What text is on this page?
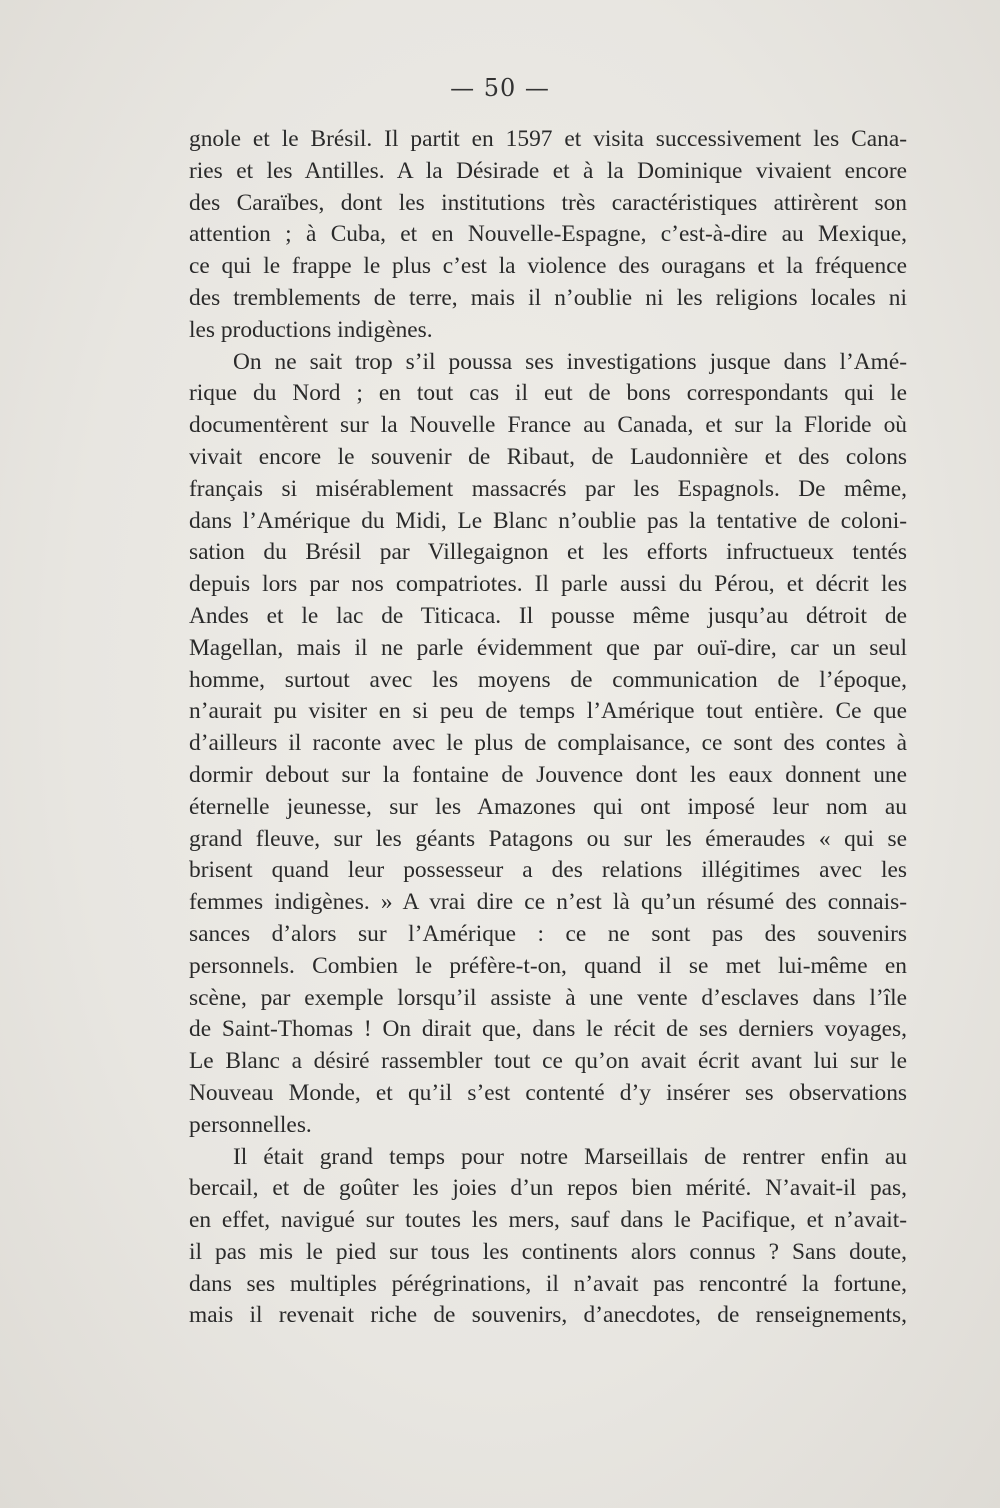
— 50 —
gnole et le Brésil. Il partit en 1597 et visita successivement les Cana-
ries et les Antilles. A la Désirade et à la Dominique vivaient encore
des Caraïbes, dont les institutions très caractéristiques attirèrent son
attention ; à Cuba, et en Nouvelle-Espagne, c’est-à-dire au Mexique,
ce qui le frappe le plus c’est la violence des ouragans et la fréquence
des tremblements de terre, mais il n’oublie ni les religions locales ni
les productions indigènes.
On ne sait trop s’il poussa ses investigations jusque dans l’Amé-
rique du Nord ; en tout cas il eut de bons correspondants qui le
documentèrent sur la Nouvelle France au Canada, et sur la Floride où
vivait encore le souvenir de Ribaut, de Laudonnière et des colons
français si misérablement massacrés par les Espagnols. De même,
dans l’Amérique du Midi, Le Blanc n’oublie pas la tentative de coloni-
sation du Brésil par Villegaignon et les efforts infructueux tentés
depuis lors par nos compatriotes. Il parle aussi du Pérou, et décrit les
Andes et le lac de Titicaca. Il pousse même jusqu’au détroit de
Magellan, mais il ne parle évidemment que par ouï-dire, car un seul
homme, surtout avec les moyens de communication de l’époque,
n’aurait pu visiter en si peu de temps l’Amérique tout entière. Ce que
d’ailleurs il raconte avec le plus de complaisance, ce sont des contes à
dormir debout sur la fontaine de Jouvence dont les eaux donnent une
éternelle jeunesse, sur les Amazones qui ont imposé leur nom au
grand fleuve, sur les géants Patagons ou sur les émeraudes « qui se
brisent quand leur possesseur a des relations illégitimes avec les
femmes indigènes. » A vrai dire ce n’est là qu’un résumé des connais-
sances d’alors sur l’Amérique : ce ne sont pas des souvenirs
personnels. Combien le préfère-t-on, quand il se met lui-même en
scène, par exemple lorsqu’il assiste à une vente d’esclaves dans l’île
de Saint-Thomas ! On dirait que, dans le récit de ses derniers voyages,
Le Blanc a désiré rassembler tout ce qu’on avait écrit avant lui sur le
Nouveau Monde, et qu’il s’est contenté d’y insérer ses observations
personnelles.
Il était grand temps pour notre Marseillais de rentrer enfin au
bercail, et de goûter les joies d’un repos bien mérité. N’avait-il pas,
en effet, navigué sur toutes les mers, sauf dans le Pacifique, et n’avait-
il pas mis le pied sur tous les continents alors connus ? Sans doute,
dans ses multiples pérégrinations, il n’avait pas rencontré la fortune,
mais il revenait riche de souvenirs, d’anecdotes, de renseignements,
